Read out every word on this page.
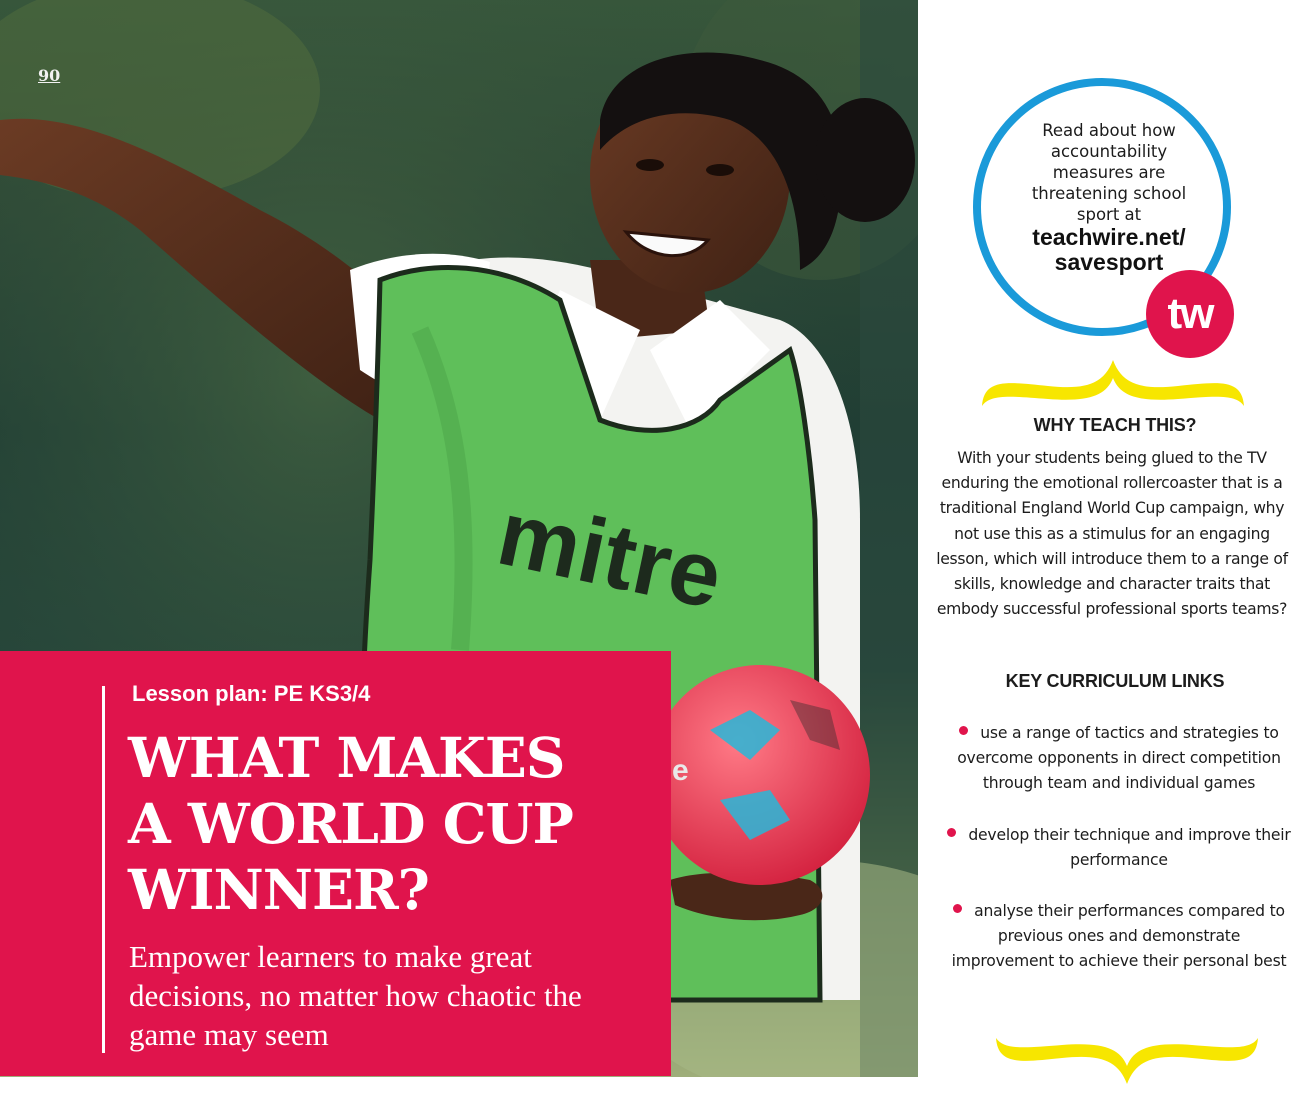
mitre
e

90

Lesson plan: PE KS3/4

WHAT MAKES
A WORLD CUP
WINNER?

Empower learners to make great
decisions, no matter how chaotic the
game may seem

Read about how
accountability
measures are
threatening school
sport at

teachwire.net/
savesport

tw
WHY TEACH THIS?

With your students being glued to the TV enduring the emotional rollercoaster that is a traditional England World Cup campaign, why not use this as a stimulus for an engaging lesson, which will introduce them to a range of skills, knowledge and character traits that embody successful professional sports teams?

KEY CURRICULUM LINKS
use a range of tactics and strategies to overcome opponents in direct competition through team and individual games
develop their technique and improve their performance
analyse their performances compared to previous ones and demonstrate improvement to achieve their personal best
